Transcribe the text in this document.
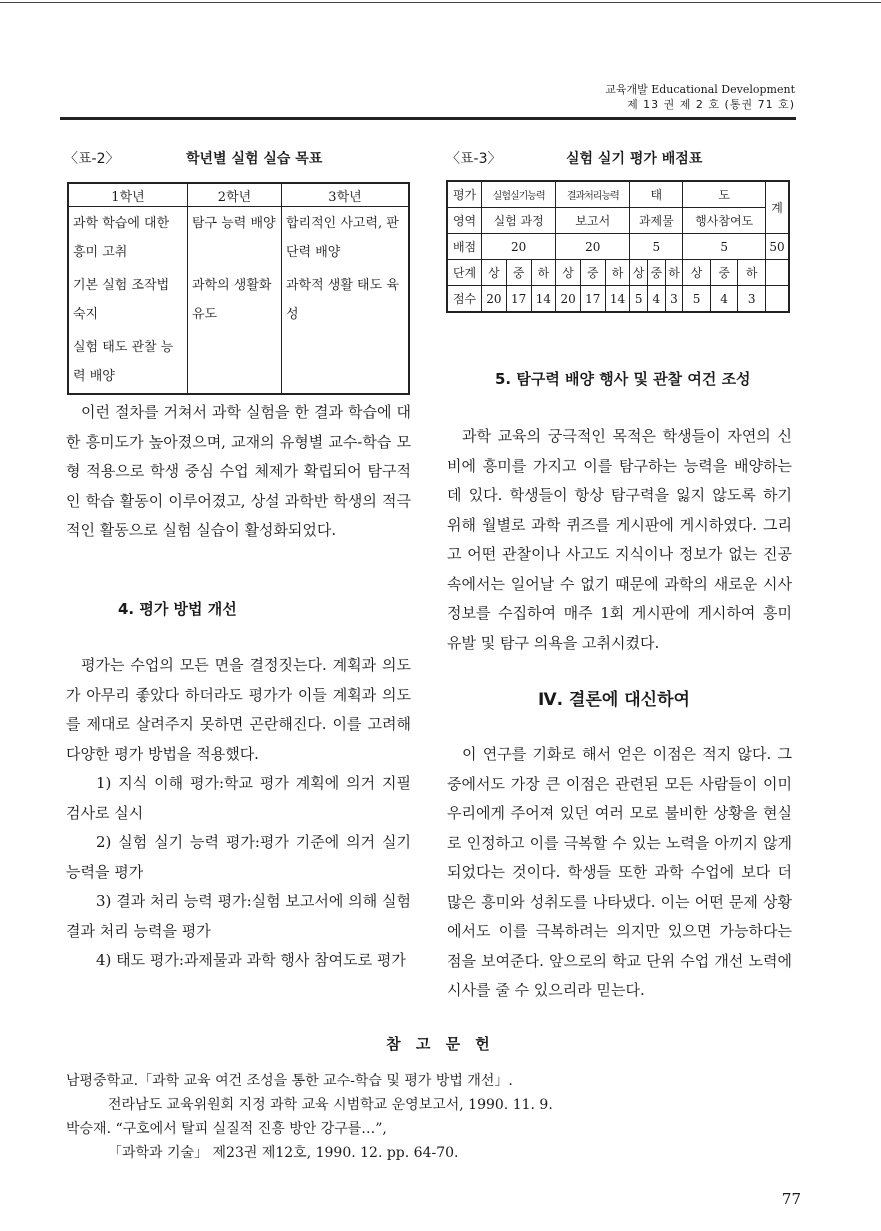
교육개발 Educational Development
제 13 권 제 2 호 (통권 71 호)
〈표-2〉	학년별 실험 실습 목표
1학년	2학년	3학년
과학 학습에 대한 흥미 고취	탐구 능력 배양	합리적인 사고력, 판단력 배양
기본 실험 조작법 숙지	과학의 생활화 유도	과학적 생활 태도 육성
실험 태도 관찰 능력 배양		
〈표-3〉	실험 실기 평가 배점표
평가	실험실기능력			결과처리능력			태			도			계
영역	실험 과정			보고서			과제물			행사참여도			
배점	20			20			5			5			50
단계	상	중	하	상	중	하	상	중	하	상	중	하	
점수	20	17	14	20	17	14	5	4	3	5	4	3	

이런 절차를 거쳐서 과학 실험을 한 결과 학습에 대한 흥미도가 높아졌으며, 교재의 유형별 교수-학습 모형 적용으로 학생 중심 수업 체제가 확립되어 탐구적인 학습 활동이 이루어졌고, 상설 과학반 학생의 적극적인 활동으로 실험 실습이 활성화되었다.

4. 평가 방법 개선

평가는 수업의 모든 면을 결정짓는다. 계획과 의도가 아무리 좋았다 하더라도 평가가 이들 계획과 의도를 제대로 살려주지 못하면 곤란해진다. 이를 고려해 다양한 평가 방법을 적용했다.

1) 지식 이해 평가:학교 평가 계획에 의거 지필 검사로 실시

2) 실험 실기 능력 평가:평가 기준에 의거 실기 능력을 평가

3) 결과 처리 능력 평가:실험 보고서에 의해 실험 결과 처리 능력을 평가

4) 태도 평가:과제물과 과학 행사 참여도로 평가

5. 탐구력 배양 행사 및 관찰 여건 조성

과학 교육의 궁극적인 목적은 학생들이 자연의 신비에 흥미를 가지고 이를 탐구하는 능력을 배양하는 데 있다. 학생들이 항상 탐구력을 잃지 않도록 하기 위해 월별로 과학 퀴즈를 게시판에 게시하였다. 그리고 어떤 관찰이나 사고도 지식이나 정보가 없는 진공 속에서는 일어날 수 없기 때문에 과학의 새로운 시사 정보를 수집하여 매주 1회 게시판에 게시하여 흥미 유발 및 탐구 의욕을 고취시켰다.

Ⅳ. 결론에 대신하여

이 연구를 기화로 해서 얻은 이점은 적지 않다. 그 중에서도 가장 큰 이점은 관련된 모든 사람들이 이미 우리에게 주어져 있던 여러 모로 불비한 상황을 현실로 인정하고 이를 극복할 수 있는 노력을 아끼지 않게 되었다는 것이다. 학생들 또한 과학 수업에 보다 더 많은 흥미와 성취도를 나타냈다. 이는 어떤 문제 상황에서도 이를 극복하려는 의지만 있으면 가능하다는 점을 보여준다. 앞으로의 학교 단위 수업 개선 노력에 시사를 줄 수 있으리라 믿는다.

참 고 문 헌
남평중학교.「과학 교육 여건 조성을 통한 교수-학습 및 평가 방법 개선」.
전라남도 교육위원회 지정 과학 교육 시범학교 운영보고서, 1990. 11. 9.
박승재. “구호에서 탈피 실질적 진흥 방안 강구를…”,
「과학과 기술」 제23권 제12호, 1990. 12. pp. 64-70.
77
